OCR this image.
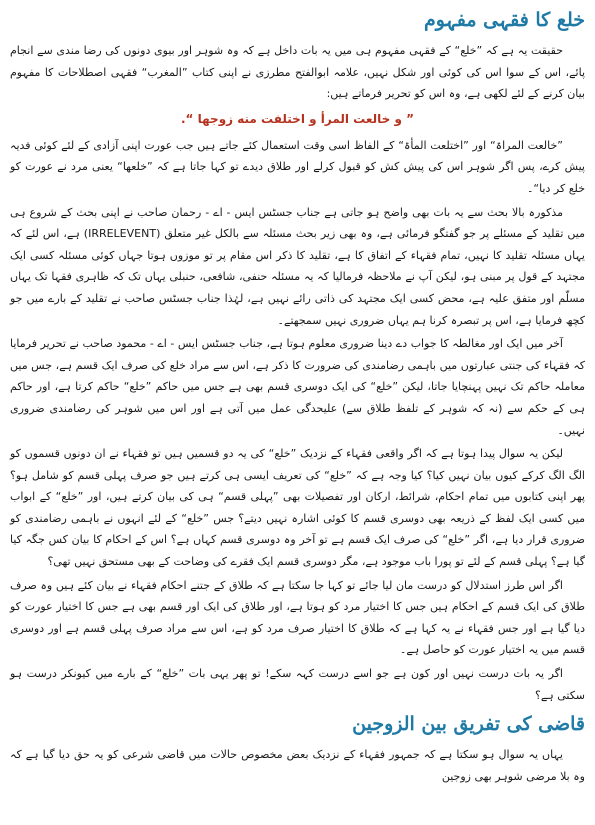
خلع کا فقہی مفہوم

حقیقت یہ ہے کہ ”خلع“ کے فقہی مفہوم ہی میں یہ بات داخل ہے کہ وہ شوہر اور بیوی دونوں کی رضا مندی سے انجام پائے، اس کے سوا اس کی کوئی اور شکل نہیں، علامہ ابوالفتح مطرزی نے اپنی کتاب ”المغرب“ فقہی اصطلاحات کا مفہوم بیان کرنے کے لئے لکھی ہے، وہ اس کو تحریر فرماتے ہیں:

” و خالعت المرأ و اختلفت منه زوجها “.

”خالعت المراۃ“ اور ”اختلعت المأۃ“ کے الفاظ اسی وقت استعمال کئے جاتے ہیں جب عورت اپنی آزادی کے لئے کوئی فدیہ پیش کرے، پس اگر شوہر اس کی پیش کش کو قبول کرلے اور طلاق دیدے تو کہا جاتا ہے کہ ”خلعها“ یعنی مرد نے عورت کو خلع کر دیا“۔

مذکورہ بالا بحث سے یہ بات بھی واضح ہو جاتی ہے جناب جسٹس ایس - اے - رحمان صاحب نے اپنی بحث کے شروع ہی میں تقلید کے مسئلے پر جو گفتگو فرمائی ہے، وہ بھی زیر بحث مسئلہ سے بالکل غیر متعلق (IRRELEVENT) ہے، اس لئے کہ یہاں مسئلہ تقلید کا نہیں، تمام فقہاء کے اتفاق کا ہے، تقلید کا ذکر اس مقام پر تو موزوں ہوتا جہاں کوئی مسئلہ کسی ایک مجتہد کے قول پر مبنی ہو، لیکن آپ نے ملاحظہ فرمالیا کہ یہ مسئلہ حنفی، شافعی، حنبلی یہاں تک کہ ظاہری فقہا تک یہاں مسلّم اور متفق علیہ ہے، محض کسی ایک مجتہد کی ذاتی رائے نہیں ہے، لہٰذا جناب جسٹس صاحب نے تقلید کے بارے میں جو کچھ فرمایا ہے، اس پر تبصرہ کرنا ہم یہاں ضروری نہیں سمجھتے۔

آخر میں ایک اور مغالطہ کا جواب دے دینا ضروری معلوم ہوتا ہے، جناب جسٹس ایس - اے - محمود صاحب نے تحریر فرمایا کہ فقہاء کی جنتی عبارتوں میں باہمی رضامندی کی ضرورت کا ذکر ہے، اس سے مراد خلع کی صرف ایک قسم ہے، جس میں معاملہ حاکم تک نہیں پہنچایا جاتا، لیکن ”خلع“ کی ایک دوسری قسم بھی ہے جس میں حاکم ”خلع“ حاکم کرتا ہے، اور حاکم ہی کے حکم سے (نہ کہ شوہر کے تلفظ طلاق سے) علیحدگی عمل میں آتی ہے اور اس میں شوہر کی رضامندی ضروری نہیں۔

لیکن یہ سوال پیدا ہوتا ہے کہ اگر واقعی فقہاء کے نزدیک ”خلع“ کی یہ دو قسمیں ہیں تو فقہاء نے ان دونوں قسموں کو الگ الگ کرکے کیوں بیان نہیں کیا؟ کیا وجہ ہے کہ ”خلع“ کی تعریف ایسی ہی کرتے ہیں جو صرف پہلی قسم کو شامل ہو؟ پھر اپنی کتابوں میں تمام احکام، شرائط، ارکان اور تفصیلات بھی ”پہلی قسم“ ہی کی بیان کرتے ہیں، اور ”خلع“ کے ابواب میں کسی ایک لفظ کے ذریعہ بھی دوسری قسم کا کوئی اشارہ نہیں دیتے؟ جس ”خلع“ کے لئے انہوں نے باہمی رضامندی کو ضروری قرار دیا ہے، اگر ”خلع“ کی صرف ایک قسم ہے تو آخر وہ دوسری قسم کہاں ہے؟ اس کے احکام کا بیان کس جگہ کیا گیا ہے؟ پہلی قسم کے لئے تو پورا باب موجود ہے، مگر دوسری قسم ایک فقرے کی وضاحت کے بھی مستحق نہیں تھی؟

اگر اس طرز استدلال کو درست مان لیا جائے تو کہا جا سکتا ہے کہ طلاق کے جتنے احکام فقہاء نے بیان کئے ہیں وہ صرف طلاق کی ایک قسم کے احکام ہیں جس کا اختیار مرد کو ہوتا ہے، اور طلاق کی ایک اور قسم بھی ہے جس کا اختیار عورت کو دیا گیا ہے اور جس فقہاء نے یہ کہا ہے کہ طلاق کا اختیار صرف مرد کو ہے، اس سے مراد صرف پہلی قسم ہے اور دوسری قسم میں یہ اختیار عورت کو حاصل ہے۔

اگر یہ بات درست نہیں اور کون ہے جو اسے درست کہہ سکے! تو پھر یہی بات ”خلع“ کے بارے میں کیونکر درست ہو سکتی ہے؟

قاضی کی تفریق بین الزوجین

یہاں یہ سوال ہو سکتا ہے کہ جمہور فقہاء کے نزدیک بعض مخصوص حالات میں قاضی شرعی کو یہ حق دیا گیا ہے کہ وہ بلا مرضی شوہر بھی زوجین
